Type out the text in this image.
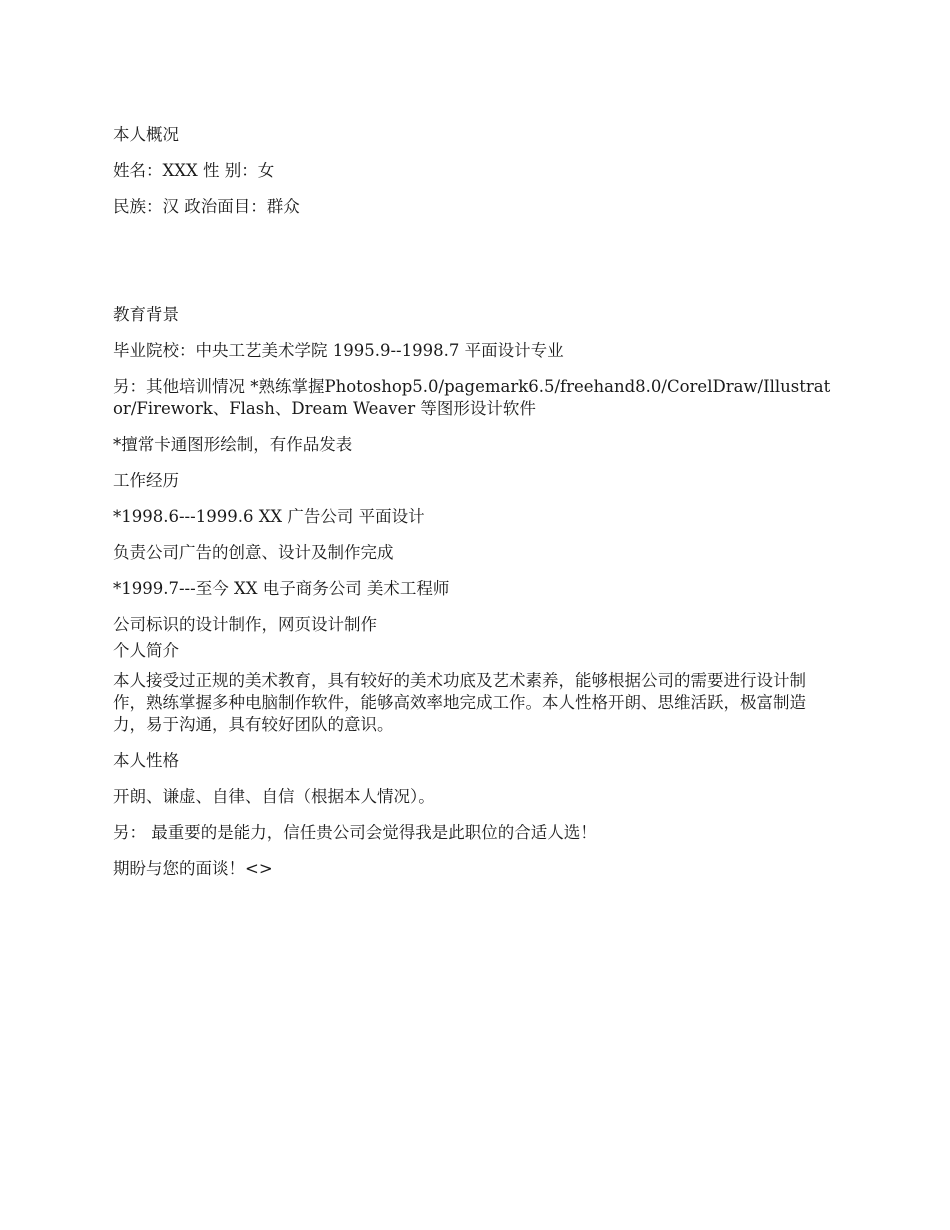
本人概况

姓名：XXX 性 别：女

民族：汉 政治面目：群众

教育背景

毕业院校：中央工艺美术学院 1995.9--1998.7 平面设计专业

另：其他培训情况 *熟练掌握Photoshop5.0/pagemark6.5/freehand8.0/CorelDraw/Illustrator/Firework、Flash、Dream Weaver 等图形设计软件

*擅常卡通图形绘制，有作品发表

工作经历

*1998.6---1999.6 XX 广告公司 平面设计

负责公司广告的创意、设计及制作完成

*1999.7---至今 XX 电子商务公司 美术工程师

公司标识的设计制作，网页设计制作

个人简介

本人接受过正规的美术教育，具有较好的美术功底及艺术素养，能够根据公司的需要进行设计制作，熟练掌握多种电脑制作软件，能够高效率地完成工作。本人性格开朗、思维活跃，极富制造力，易于沟通，具有较好团队的意识。

本人性格

开朗、谦虚、自律、自信（根据本人情况）。

另： 最重要的是能力，信任贵公司会觉得我是此职位的合适人选！

期盼与您的面谈！<>
